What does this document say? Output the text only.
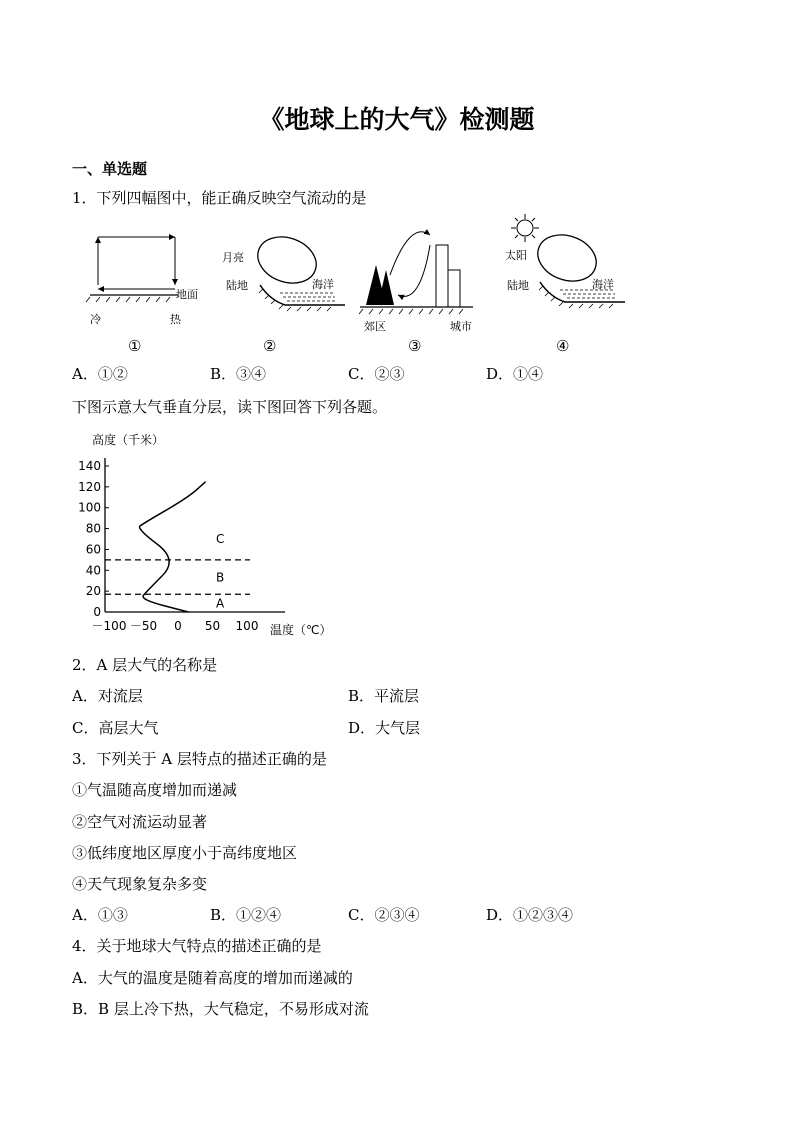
《地球上的大气》检测题
一、单选题
1．下列四幅图中，能正确反映空气流动的是
地面
冷	热
①
月亮
陆地	海洋
②
郊区	城市
③
太阳
陆地	海洋
④
A．①②	B．③④	C．②③	D．①④
下图示意大气垂直分层，读下图回答下列各题。
高度（千米）
温度（℃）
0
20
40
60
80
100
120
140
－100 －50 0 50 100
A
B
C
2．A 层大气的名称是
A．对流层	B．平流层
C．高层大气	D．大气层
3．下列关于 A 层特点的描述正确的是
①气温随高度增加而递减
②空气对流运动显著
③低纬度地区厚度小于高纬度地区
④天气现象复杂多变
A．①③	B．①②④	C．②③④	D．①②③④
4．关于地球大气特点的描述正确的是
A．大气的温度是随着高度的增加而递减的
B．B 层上冷下热，大气稳定，不易形成对流
